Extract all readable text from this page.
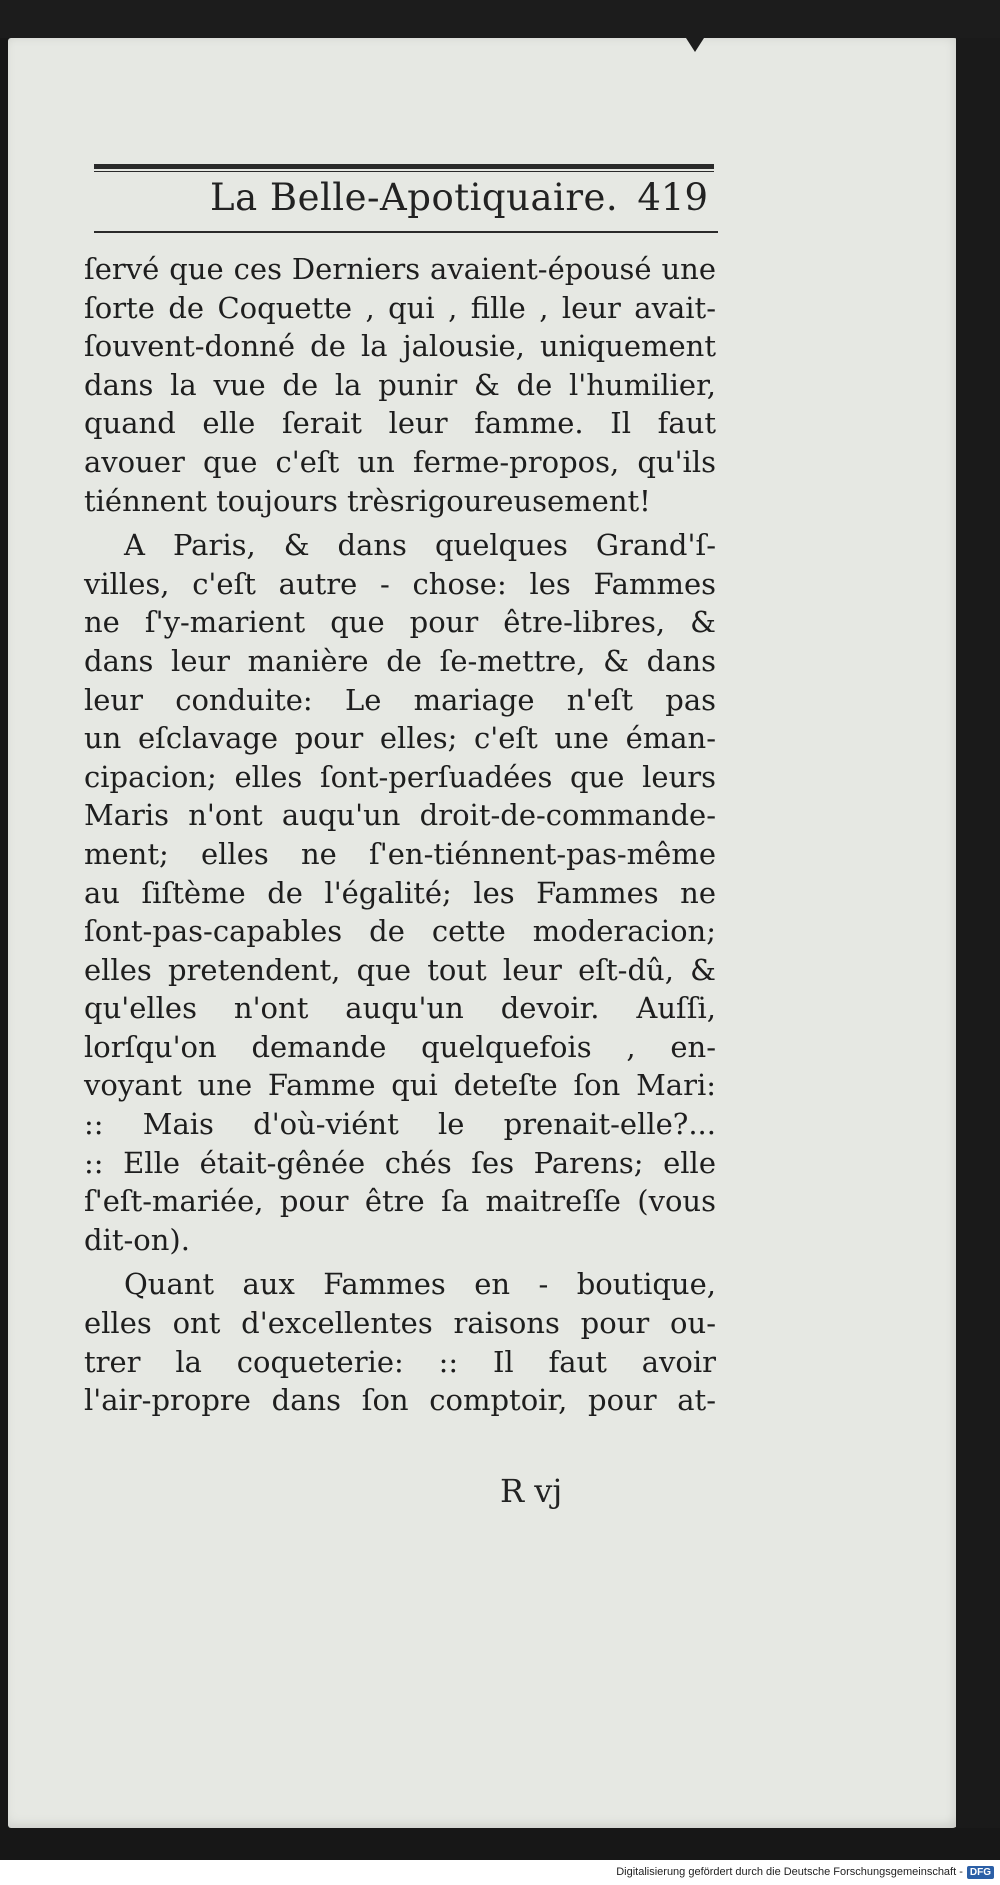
La Belle-Apotiquaire. 419
ſervé que ces Derniers avaient-épousé une
ſorte de Coquette , qui , fille , leur avait-
ſouvent-donné de la jalousie, uniquement
dans la vue de la punir & de l'humilier,
quand elle ſerait leur famme. Il faut
avouer que c'eſt un ferme-propos, qu'ils
tiénnent toujours trèsrigoureusement!
A Paris, & dans quelques Grand'ſ-
villes, c'eſt autre - chose: les Fammes
ne ſ'y-marient que pour être-libres, &
dans leur manière de ſe-mettre, & dans
leur conduite: Le mariage n'eſt pas
un eſclavage pour elles; c'eſt une éman-
cipacion; elles ſont-perſuadées que leurs
Maris n'ont auqu'un droit-de-commande-
ment; elles ne ſ'en-tiénnent-pas-même
au ſiſtème de l'égalité; les Fammes ne
ſont-pas-capables de cette moderacion;
elles pretendent, que tout leur eſt-dû, &
qu'elles n'ont auqu'un devoir. Auſſi,
lorſqu'on demande quelquefois , en-
voyant une Famme qui deteſte ſon Mari:
:: Mais d'où-viént le prenait-elle?...
:: Elle était-gênée chés ſes Parens; elle
ſ'eſt-mariée, pour être ſa maitreſſe (vous
dit-on).
Quant aux Fammes en - boutique,
elles ont d'excellentes raisons pour ou-
trer la coqueterie: :: Il faut avoir
l'air-propre dans ſon comptoir, pour at-
R vj
Digitalisierung gefördert durch die Deutsche Forschungsgemeinschaft - DFG
